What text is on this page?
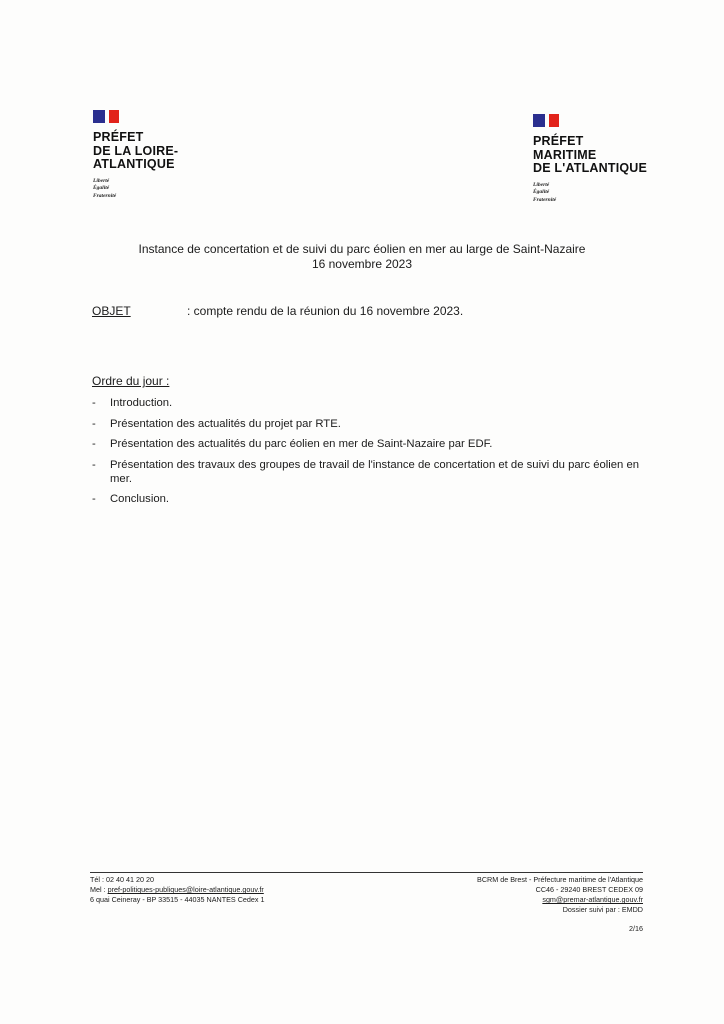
PRÉFET
DE LA LOIRE-
ATLANTIQUE
Liberté
Égalité
Fraternité
PRÉFET
MARITIME
DE L'ATLANTIQUE
Liberté
Égalité
Fraternité
Instance de concertation et de suivi du parc éolien en mer au large de Saint-Nazaire
16 novembre 2023
OBJET	: compte rendu de la réunion du 16 novembre 2023.
Ordre du jour :
- Introduction.
- Présentation des actualités du projet par RTE.
- Présentation des actualités du parc éolien en mer de Saint-Nazaire par EDF.
- Présentation des travaux des groupes de travail de l'instance de concertation et de suivi du parc éolien en mer.
- Conclusion.
Tél : 02 40 41 20 20
Mel : pref-politiques-publiques@loire-atlantique.gouv.fr
6 quai Ceineray - BP 33515 - 44035 NANTES Cedex 1
BCRM de Brest - Préfecture maritime de l'Atlantique
CC46 - 29240 BREST CEDEX 09
sgm@premar-atlantique.gouv.fr
Dossier suivi par : EMDD
2/16
